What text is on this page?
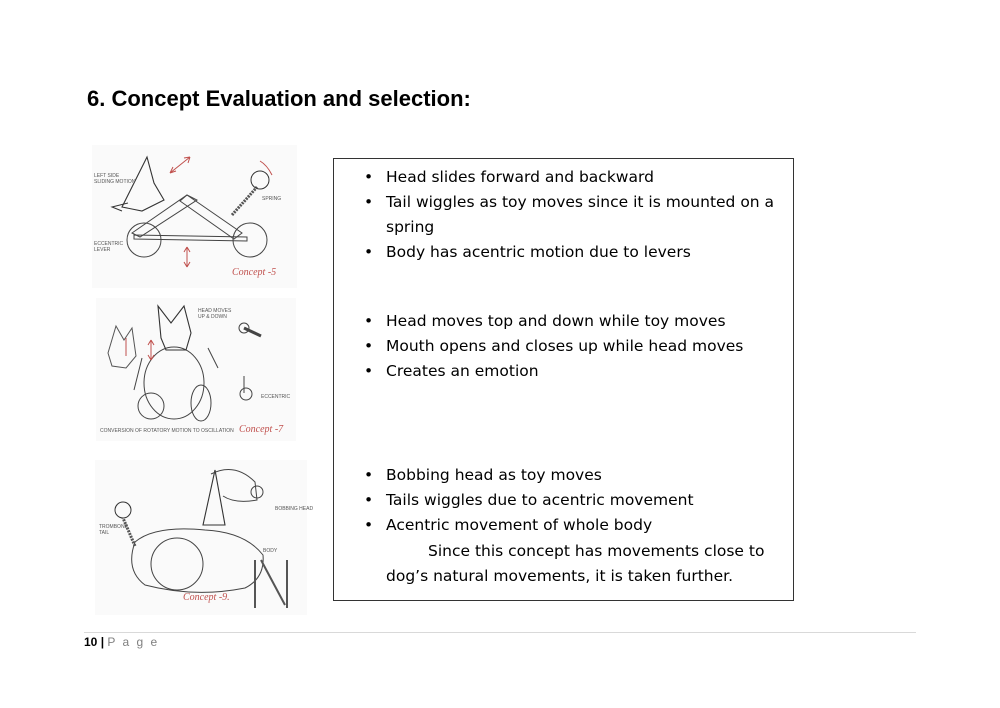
6. Concept Evaluation and selection:
LEFT SIDE
SLIDING MOTION
SPRING
ECCENTRIC
LEVER
Concept -5
HEAD MOVES
UP & DOWN
ECCENTRIC
CONVERSION OF ROTATORY MOTION TO OSCILLATION Concept -7
TROMBONE
TAIL
BOBBING HEAD
BODY
Concept -9.
• Head slides forward and backward
• Tail wiggles as toy moves since it is mounted on a spring
• Body has acentric motion due to levers
• Head moves top and down while toy moves
• Mouth opens and closes up while head moves
• Creates an emotion
• Bobbing head as toy moves
• Tails wiggles due to acentric movement
• Acentric movement of whole body

Since this concept has movements close to dog’s natural movements, it is taken further.

10 | P a g e
